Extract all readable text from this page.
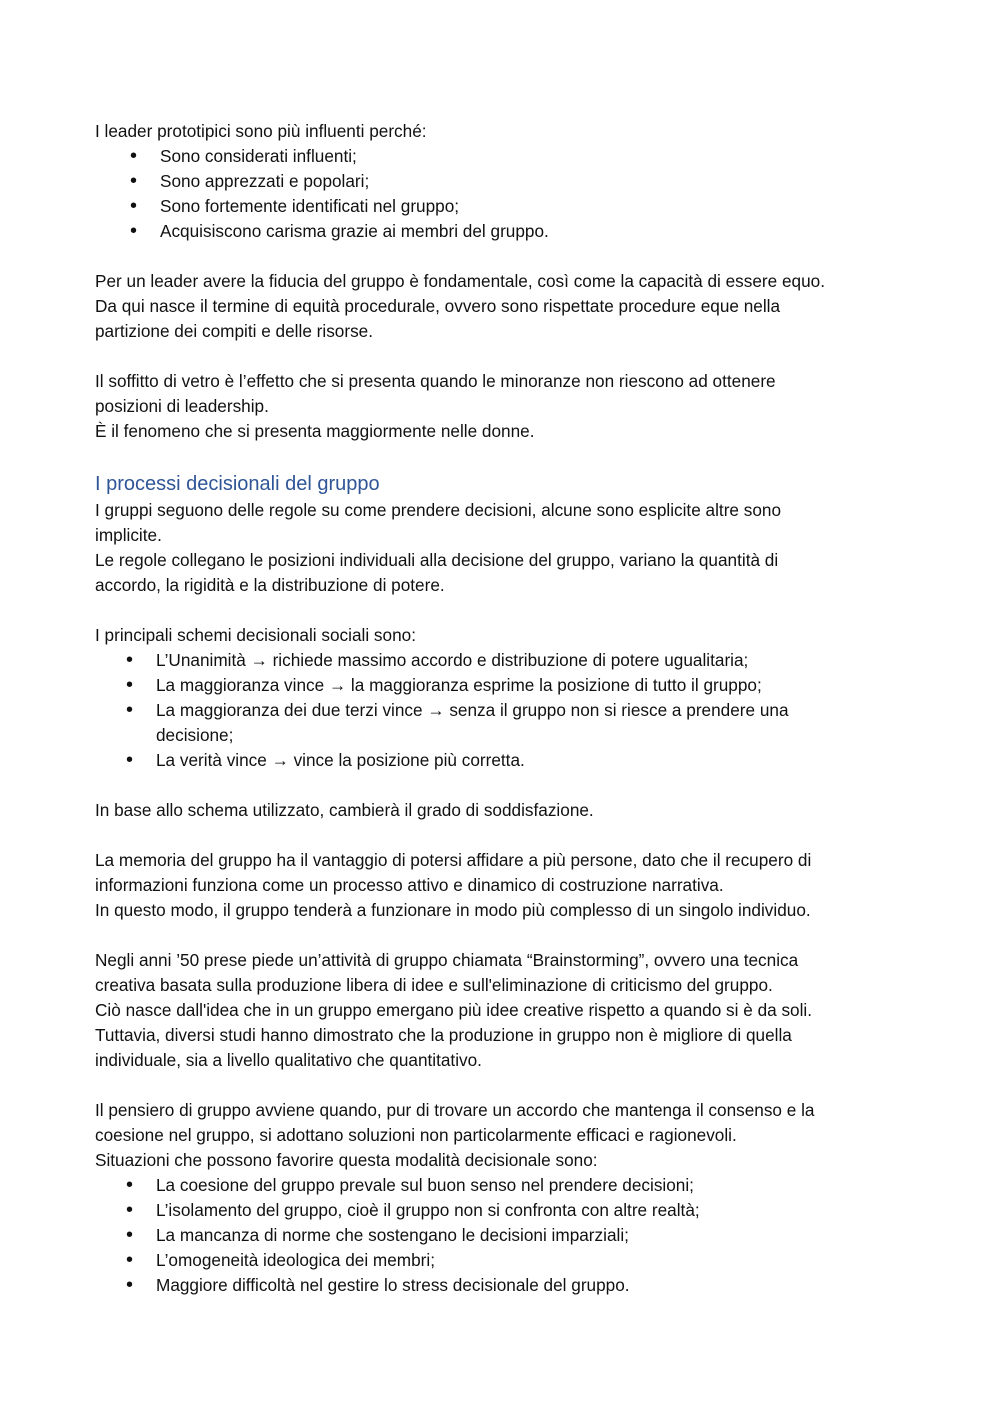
I leader prototipici sono più influenti perché:

• Sono considerati influenti;
• Sono apprezzati e popolari;
• Sono fortemente identificati nel gruppo;
• Acquisiscono carisma grazie ai membri del gruppo.

Per un leader avere la fiducia del gruppo è fondamentale, così come la capacità di essere equo.

Da qui nasce il termine di equità procedurale, ovvero sono rispettate procedure eque nella

partizione dei compiti e delle risorse.

Il soffitto di vetro è l’effetto che si presenta quando le minoranze non riescono ad ottenere

posizioni di leadership.

È il fenomeno che si presenta maggiormente nelle donne.

I processi decisionali del gruppo

I gruppi seguono delle regole su come prendere decisioni, alcune sono esplicite altre sono

implicite.

Le regole collegano le posizioni individuali alla decisione del gruppo, variano la quantità di

accordo, la rigidità e la distribuzione di potere.

I principali schemi decisionali sociali sono:

• L’Unanimità → richiede massimo accordo e distribuzione di potere ugualitaria;
• La maggioranza vince → la maggioranza esprime la posizione di tutto il gruppo;
• La maggioranza dei due terzi vince → senza il gruppo non si riesce a prendere una decisione;
• La verità vince → vince la posizione più corretta.

In base allo schema utilizzato, cambierà il grado di soddisfazione.

La memoria del gruppo ha il vantaggio di potersi affidare a più persone, dato che il recupero di

informazioni funziona come un processo attivo e dinamico di costruzione narrativa.

In questo modo, il gruppo tenderà a funzionare in modo più complesso di un singolo individuo.

Negli anni ’50 prese piede un’attività di gruppo chiamata “Brainstorming”, ovvero una tecnica

creativa basata sulla produzione libera di idee e sull'eliminazione di criticismo del gruppo.

Ciò nasce dall'idea che in un gruppo emergano più idee creative rispetto a quando si è da soli.

Tuttavia, diversi studi hanno dimostrato che la produzione in gruppo non è migliore di quella

individuale, sia a livello qualitativo che quantitativo.

Il pensiero di gruppo avviene quando, pur di trovare un accordo che mantenga il consenso e la

coesione nel gruppo, si adottano soluzioni non particolarmente efficaci e ragionevoli.

Situazioni che possono favorire questa modalità decisionale sono:

• La coesione del gruppo prevale sul buon senso nel prendere decisioni;
• L’isolamento del gruppo, cioè il gruppo non si confronta con altre realtà;
• La mancanza di norme che sostengano le decisioni imparziali;
• L’omogeneità ideologica dei membri;
• Maggiore difficoltà nel gestire lo stress decisionale del gruppo.
